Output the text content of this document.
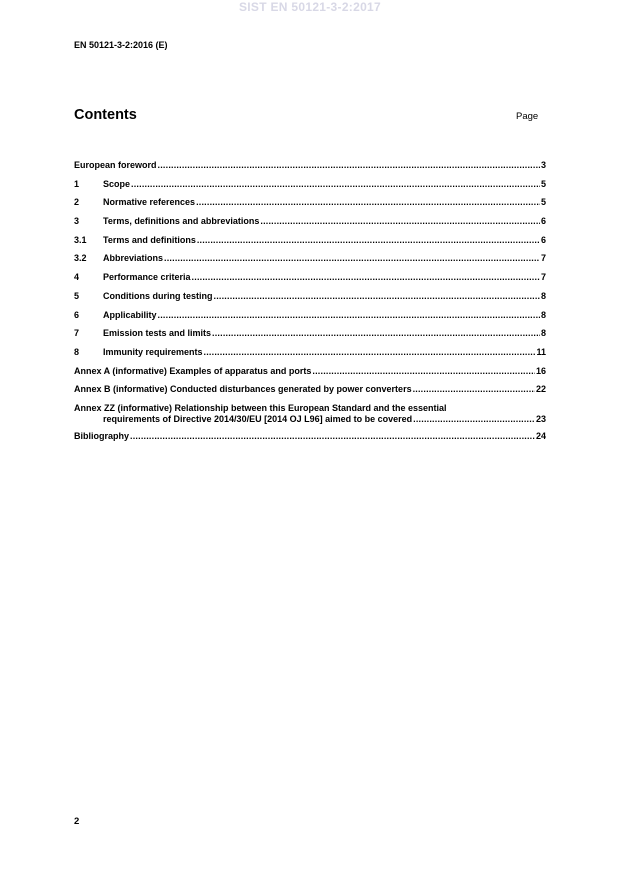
SIST EN 50121-3-2:2017
EN 50121-3-2:2016 (E)
Contents	Page
European foreword .....	3
1	Scope .....	5
2	Normative references .....	5
3	Terms, definitions and abbreviations .....	6
3.1	Terms and definitions .....	6
3.2	Abbreviations .....	7
4	Performance criteria .....	7
5	Conditions during testing .....	8
6	Applicability .....	8
7	Emission tests and limits .....	8
8	Immunity requirements .....	11
Annex A (informative) Examples of apparatus and ports .....	16
Annex B (informative) Conducted disturbances generated by power converters .....	22
Annex ZZ (informative) Relationship between this European Standard and the essential
requirements of Directive 2014/30/EU [2014 OJ L96] aimed to be covered .....	23
Bibliography .....	24
2
